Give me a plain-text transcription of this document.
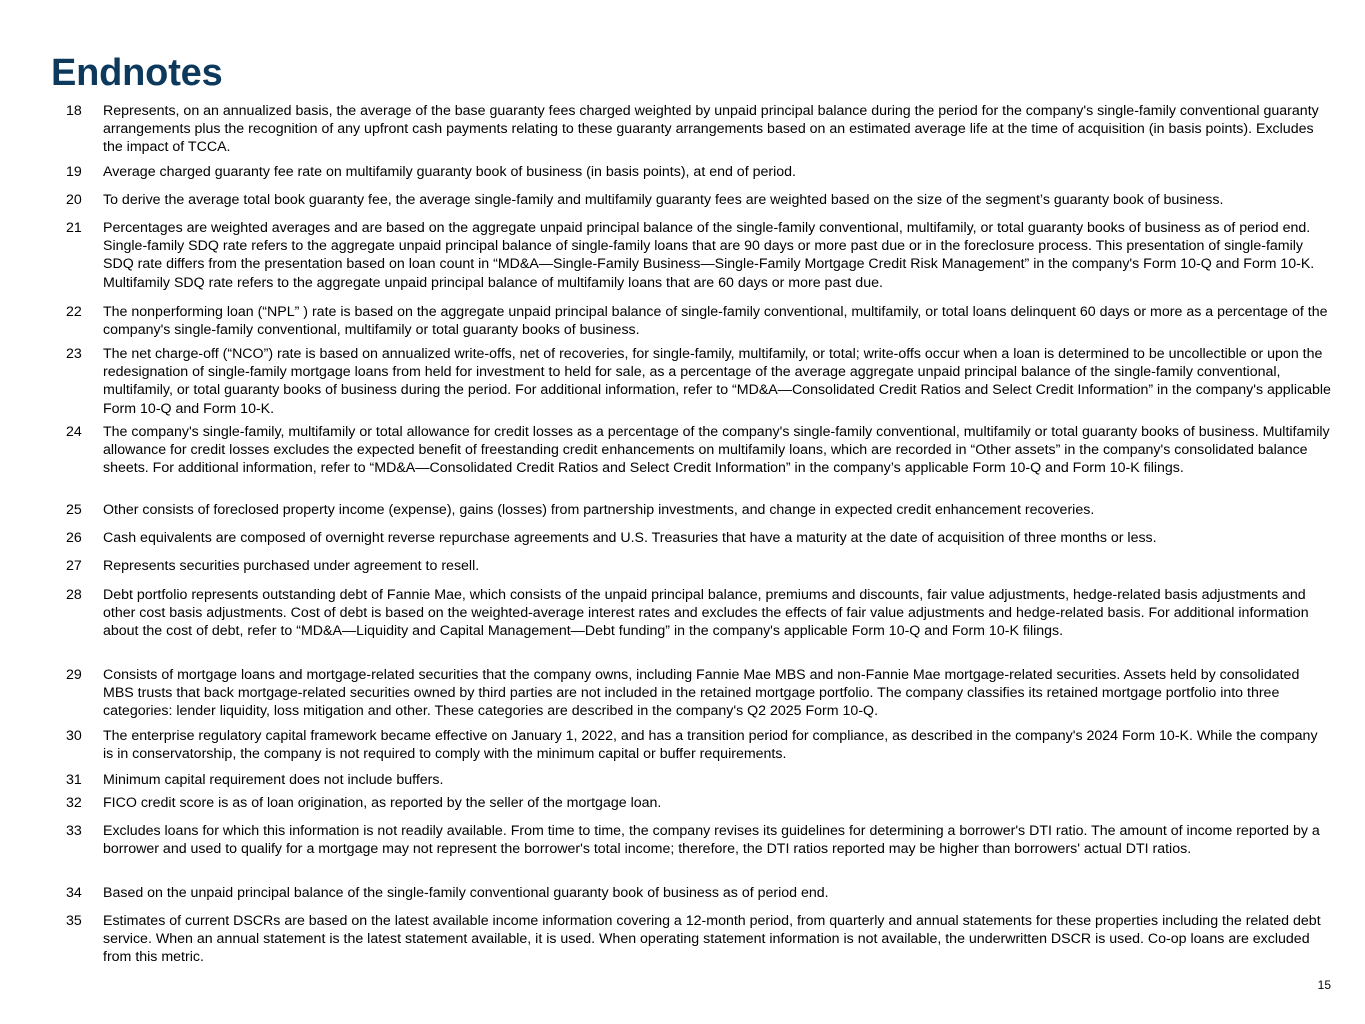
Endnotes
18	Represents, on an annualized basis, the average of the base guaranty fees charged weighted by unpaid principal balance during the period for the company's single-family conventional guaranty arrangements plus the recognition of any upfront cash payments relating to these guaranty arrangements based on an estimated average life at the time of acquisition (in basis points). Excludes the impact of TCCA.
19	Average charged guaranty fee rate on multifamily guaranty book of business (in basis points), at end of period.
20	To derive the average total book guaranty fee, the average single-family and multifamily guaranty fees are weighted based on the size of the segment’s guaranty book of business.
21	Percentages are weighted averages and are based on the aggregate unpaid principal balance of the single-family conventional, multifamily, or total guaranty books of business as of period end. Single-family SDQ rate refers to the aggregate unpaid principal balance of single-family loans that are 90 days or more past due or in the foreclosure process. This presentation of single-family SDQ rate differs from the presentation based on loan count in “MD&A—Single-Family Business—Single-Family Mortgage Credit Risk Management” in the company's Form 10-Q and Form 10-K. Multifamily SDQ rate refers to the aggregate unpaid principal balance of multifamily loans that are 60 days or more past due.
22	The nonperforming loan (“NPL” ) rate is based on the aggregate unpaid principal balance of single-family conventional, multifamily, or total loans delinquent 60 days or more as a percentage of the company's single-family conventional, multifamily or total guaranty books of business.
23	The net charge-off (“NCO”) rate is based on annualized write-offs, net of recoveries, for single-family, multifamily, or total; write-offs occur when a loan is determined to be uncollectible or upon the redesignation of single-family mortgage loans from held for investment to held for sale, as a percentage of the average aggregate unpaid principal balance of the single-family conventional, multifamily, or total guaranty books of business during the period. For additional information, refer to “MD&A—Consolidated Credit Ratios and Select Credit Information” in the company's applicable Form 10-Q and Form 10-K.
24	The company's single-family, multifamily or total allowance for credit losses as a percentage of the company's single-family conventional, multifamily or total guaranty books of business. Multifamily allowance for credit losses excludes the expected benefit of freestanding credit enhancements on multifamily loans, which are recorded in “Other assets” in the company's consolidated balance sheets. For additional information, refer to “MD&A—Consolidated Credit Ratios and Select Credit Information” in the company’s applicable Form 10-Q and Form 10-K filings.
25	Other consists of foreclosed property income (expense), gains (losses) from partnership investments, and change in expected credit enhancement recoveries.
26	Cash equivalents are composed of overnight reverse repurchase agreements and U.S. Treasuries that have a maturity at the date of acquisition of three months or less.
27	Represents securities purchased under agreement to resell.
28	Debt portfolio represents outstanding debt of Fannie Mae, which consists of the unpaid principal balance, premiums and discounts, fair value adjustments, hedge-related basis adjustments and other cost basis adjustments. Cost of debt is based on the weighted-average interest rates and excludes the effects of fair value adjustments and hedge-related basis. For additional information about the cost of debt, refer to “MD&A—Liquidity and Capital Management—Debt funding” in the company's applicable Form 10-Q and Form 10-K filings.
29	Consists of mortgage loans and mortgage-related securities that the company owns, including Fannie Mae MBS and non-Fannie Mae mortgage-related securities. Assets held by consolidated MBS trusts that back mortgage-related securities owned by third parties are not included in the retained mortgage portfolio. The company classifies its retained mortgage portfolio into three categories: lender liquidity, loss mitigation and other. These categories are described in the company's Q2 2025 Form 10-Q.
30	The enterprise regulatory capital framework became effective on January 1, 2022, and has a transition period for compliance, as described in the company's 2024 Form 10-K. While the company is in conservatorship, the company is not required to comply with the minimum capital or buffer requirements.
31	Minimum capital requirement does not include buffers.
32	FICO credit score is as of loan origination, as reported by the seller of the mortgage loan.
33	Excludes loans for which this information is not readily available. From time to time, the company revises its guidelines for determining a borrower's DTI ratio. The amount of income reported by a borrower and used to qualify for a mortgage may not represent the borrower's total income; therefore, the DTI ratios reported may be higher than borrowers' actual DTI ratios.
34	Based on the unpaid principal balance of the single-family conventional guaranty book of business as of period end.
35	Estimates of current DSCRs are based on the latest available income information covering a 12-month period, from quarterly and annual statements for these properties including the related debt service. When an annual statement is the latest statement available, it is used. When operating statement information is not available, the underwritten DSCR is used. Co-op loans are excluded from this metric.
15
